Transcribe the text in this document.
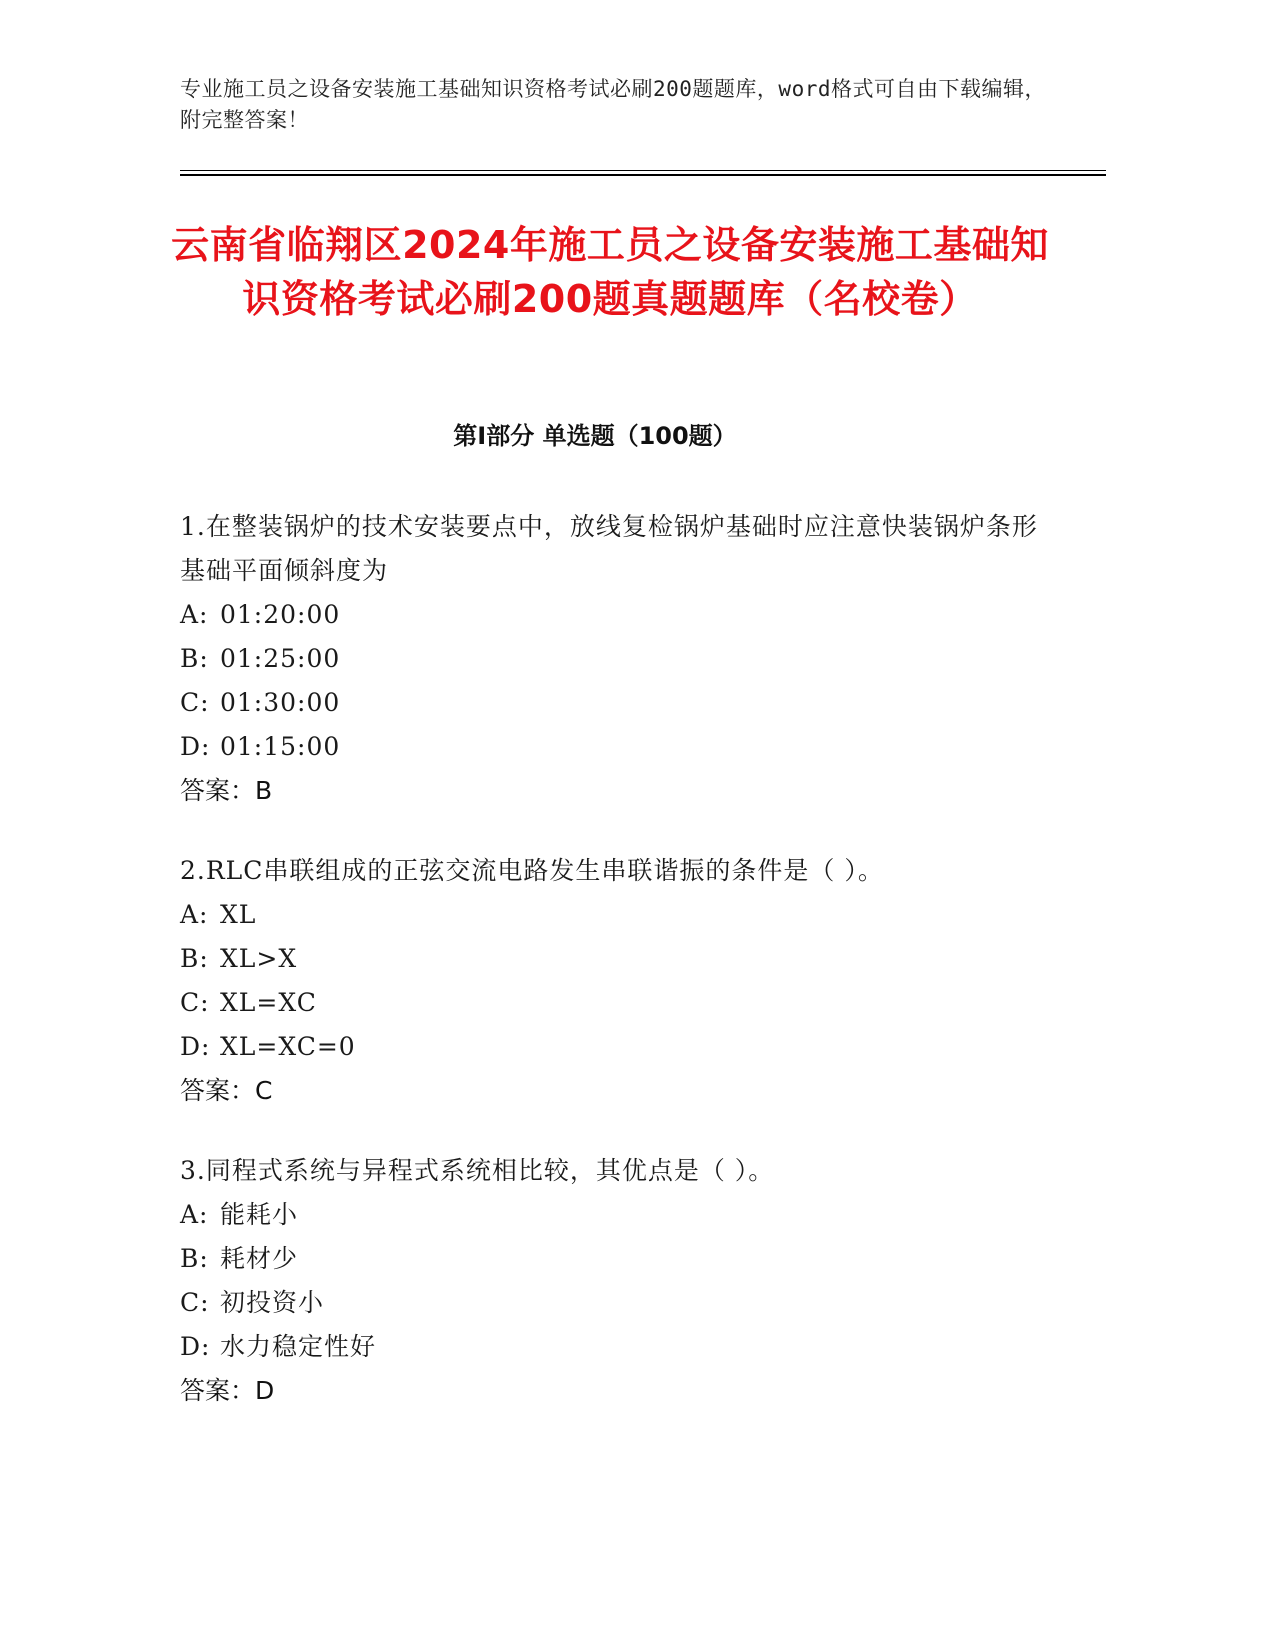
专业施工员之设备安装施工基础知识资格考试必刷200题题库，word格式可自由下载编辑，附完整答案！
云南省临翔区2024年施工员之设备安装施工基础知识资格考试必刷200题真题题库（名校卷）
第I部分 单选题（100题）
1.在整装锅炉的技术安装要点中，放线复检锅炉基础时应注意快装锅炉条形基础平面倾斜度为
A: 01:20:00
B: 01:25:00
C: 01:30:00
D: 01:15:00
答案：B
2.RLC串联组成的正弦交流电路发生串联谐振的条件是（ ）。
A: XL
B: XL>X
C: XL=XC
D: XL=XC=0
答案：C
3.同程式系统与异程式系统相比较，其优点是（ ）。
A: 能耗小
B: 耗材少
C: 初投资小
D: 水力稳定性好
答案：D
